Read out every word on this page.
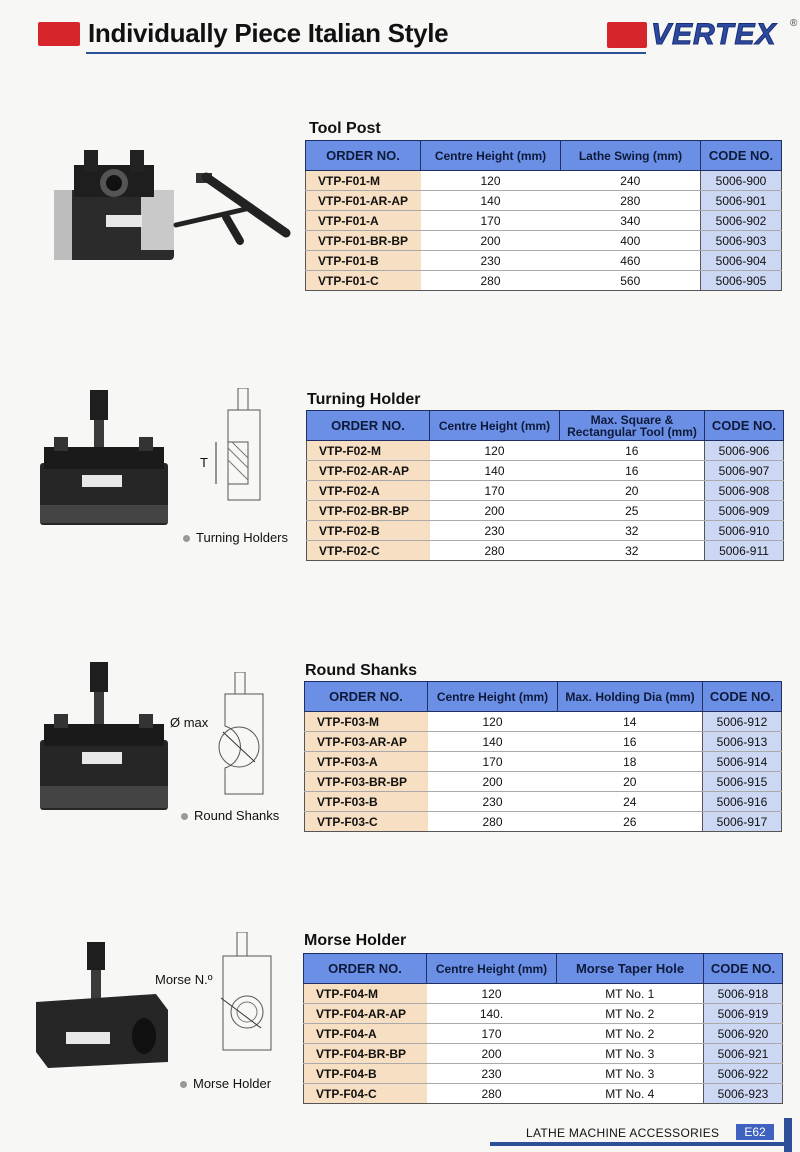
Individually Piece Italian Style	VERTEX ®
Tool Post
ORDER NO.	Centre Height (mm)	Lathe Swing (mm)	CODE NO.
VTP-F01-M	120	240	5006-900
VTP-F01-AR-AP	140	280	5006-901
VTP-F01-A	170	340	5006-902
VTP-F01-BR-BP	200	400	5006-903
VTP-F01-B	230	460	5006-904
VTP-F01-C	280	560	5006-905
Turning Holder
T
Turning Holders
ORDER NO.	Centre Height (mm)	Max. Square & Rectangular Tool (mm)	CODE NO.
VTP-F02-M	120	16	5006-906
VTP-F02-AR-AP	140	16	5006-907
VTP-F02-A	170	20	5006-908
VTP-F02-BR-BP	200	25	5006-909
VTP-F02-B	230	32	5006-910
VTP-F02-C	280	32	5006-911
Round Shanks
Ø max
Round Shanks
ORDER NO.	Centre Height (mm)	Max. Holding Dia (mm)	CODE NO.
VTP-F03-M	120	14	5006-912
VTP-F03-AR-AP	140	16	5006-913
VTP-F03-A	170	18	5006-914
VTP-F03-BR-BP	200	20	5006-915
VTP-F03-B	230	24	5006-916
VTP-F03-C	280	26	5006-917
Morse Holder
Morse N.º
Morse Holder
ORDER NO.	Centre Height (mm)	Morse Taper Hole	CODE NO.
VTP-F04-M	120	MT No. 1	5006-918
VTP-F04-AR-AP	140.	MT No. 2	5006-919
VTP-F04-A	170	MT No. 2	5006-920
VTP-F04-BR-BP	200	MT No. 3	5006-921
VTP-F04-B	230	MT No. 3	5006-922
VTP-F04-C	280	MT No. 4	5006-923
LATHE MACHINE ACCESSORIES	E62
